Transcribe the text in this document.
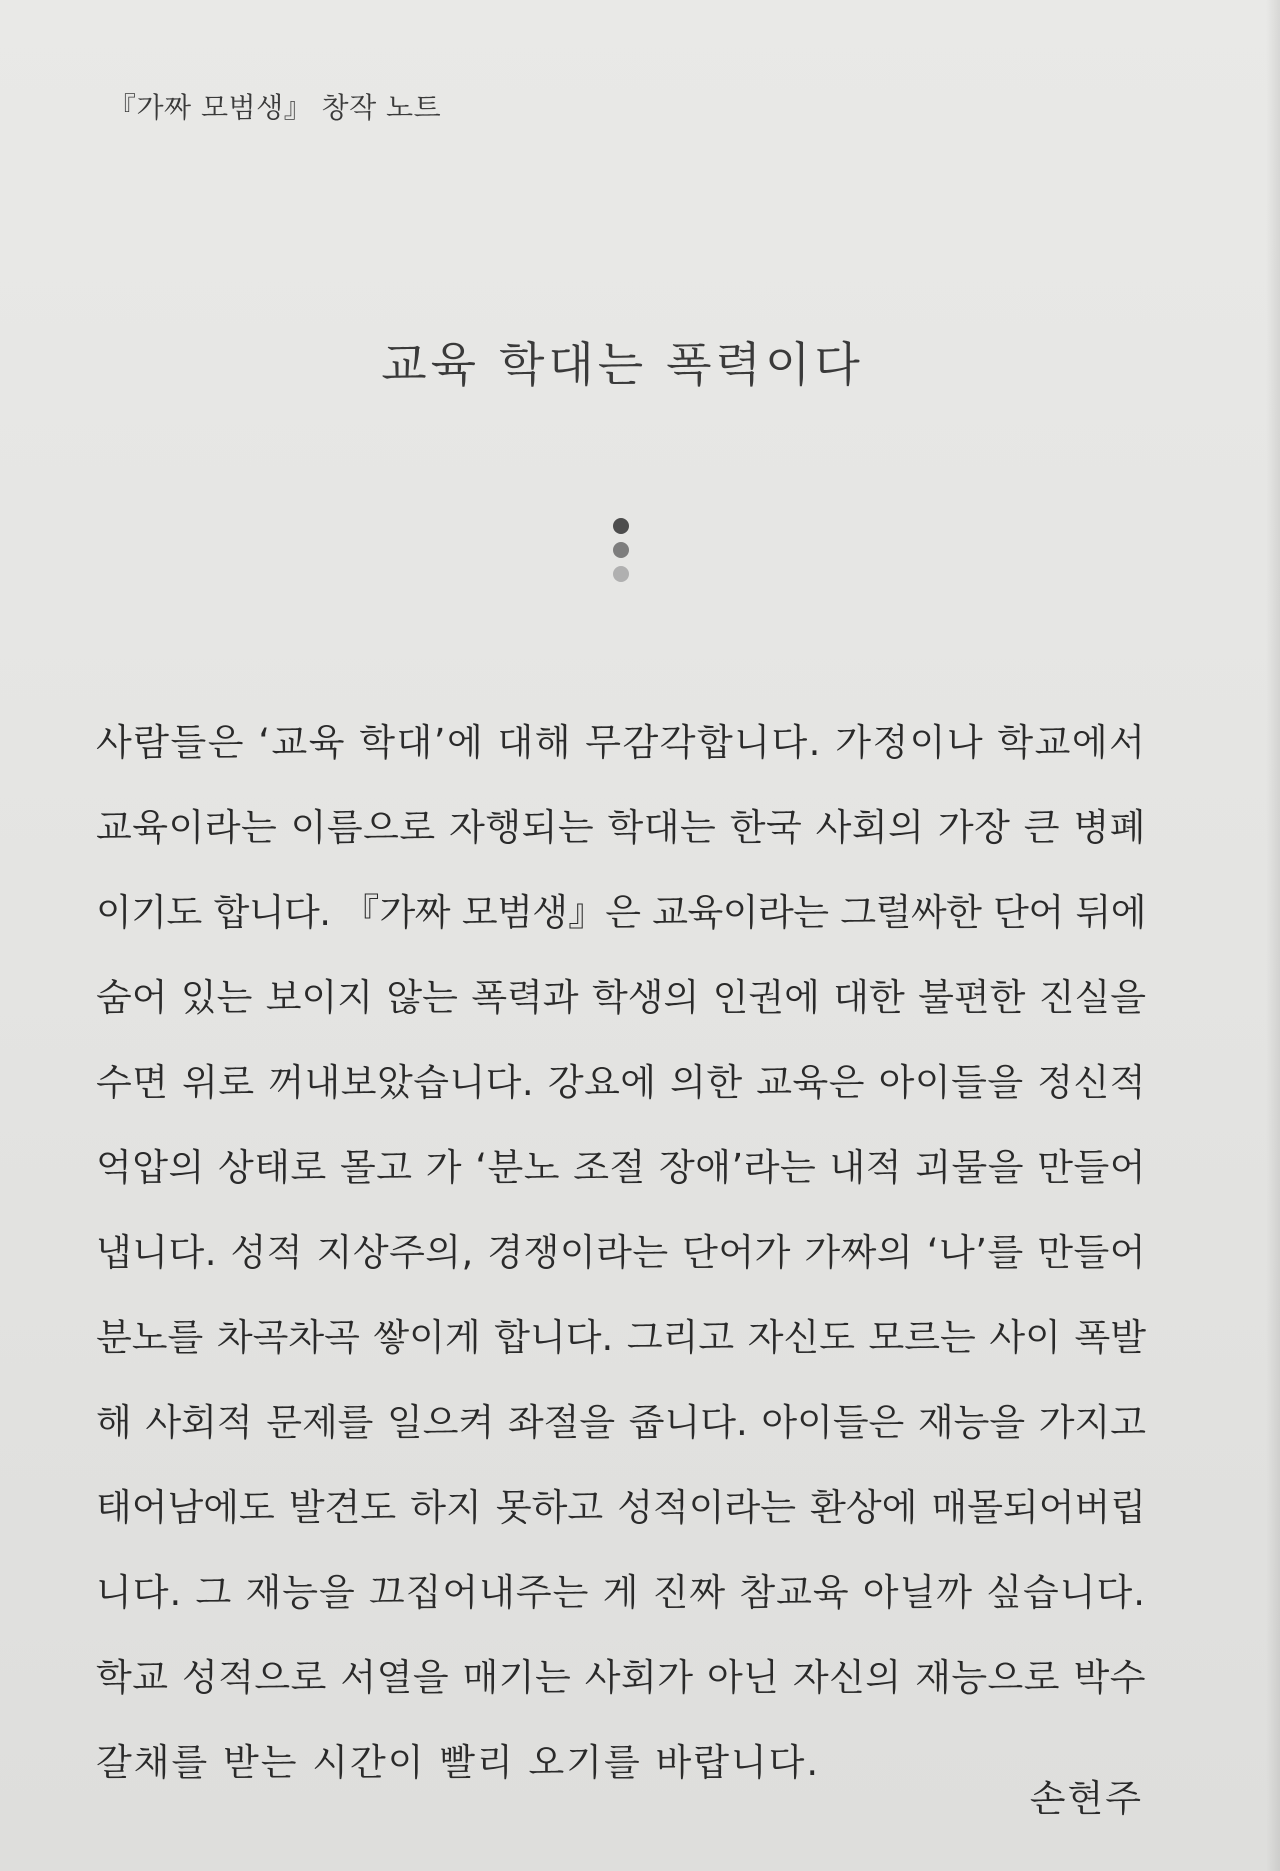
『가짜 모범생』 창작 노트
교육 학대는 폭력이다
사람들은 ‘교육 학대’에 대해 무감각합니다. 가정이나 학교에서
교육이라는 이름으로 자행되는 학대는 한국 사회의 가장 큰 병폐
이기도 합니다. 『가짜 모범생』은 교육이라는 그럴싸한 단어 뒤에
숨어 있는 보이지 않는 폭력과 학생의 인권에 대한 불편한 진실을
수면 위로 꺼내보았습니다. 강요에 의한 교육은 아이들을 정신적
억압의 상태로 몰고 가 ‘분노 조절 장애’라는 내적 괴물을 만들어
냅니다. 성적 지상주의, 경쟁이라는 단어가 가짜의 ‘나’를 만들어
분노를 차곡차곡 쌓이게 합니다. 그리고 자신도 모르는 사이 폭발
해 사회적 문제를 일으켜 좌절을 줍니다. 아이들은 재능을 가지고
태어남에도 발견도 하지 못하고 성적이라는 환상에 매몰되어버립
니다. 그 재능을 끄집어내주는 게 진짜 참교육 아닐까 싶습니다.
학교 성적으로 서열을 매기는 사회가 아닌 자신의 재능으로 박수
갈채를 받는 시간이 빨리 오기를 바랍니다.
손현주
